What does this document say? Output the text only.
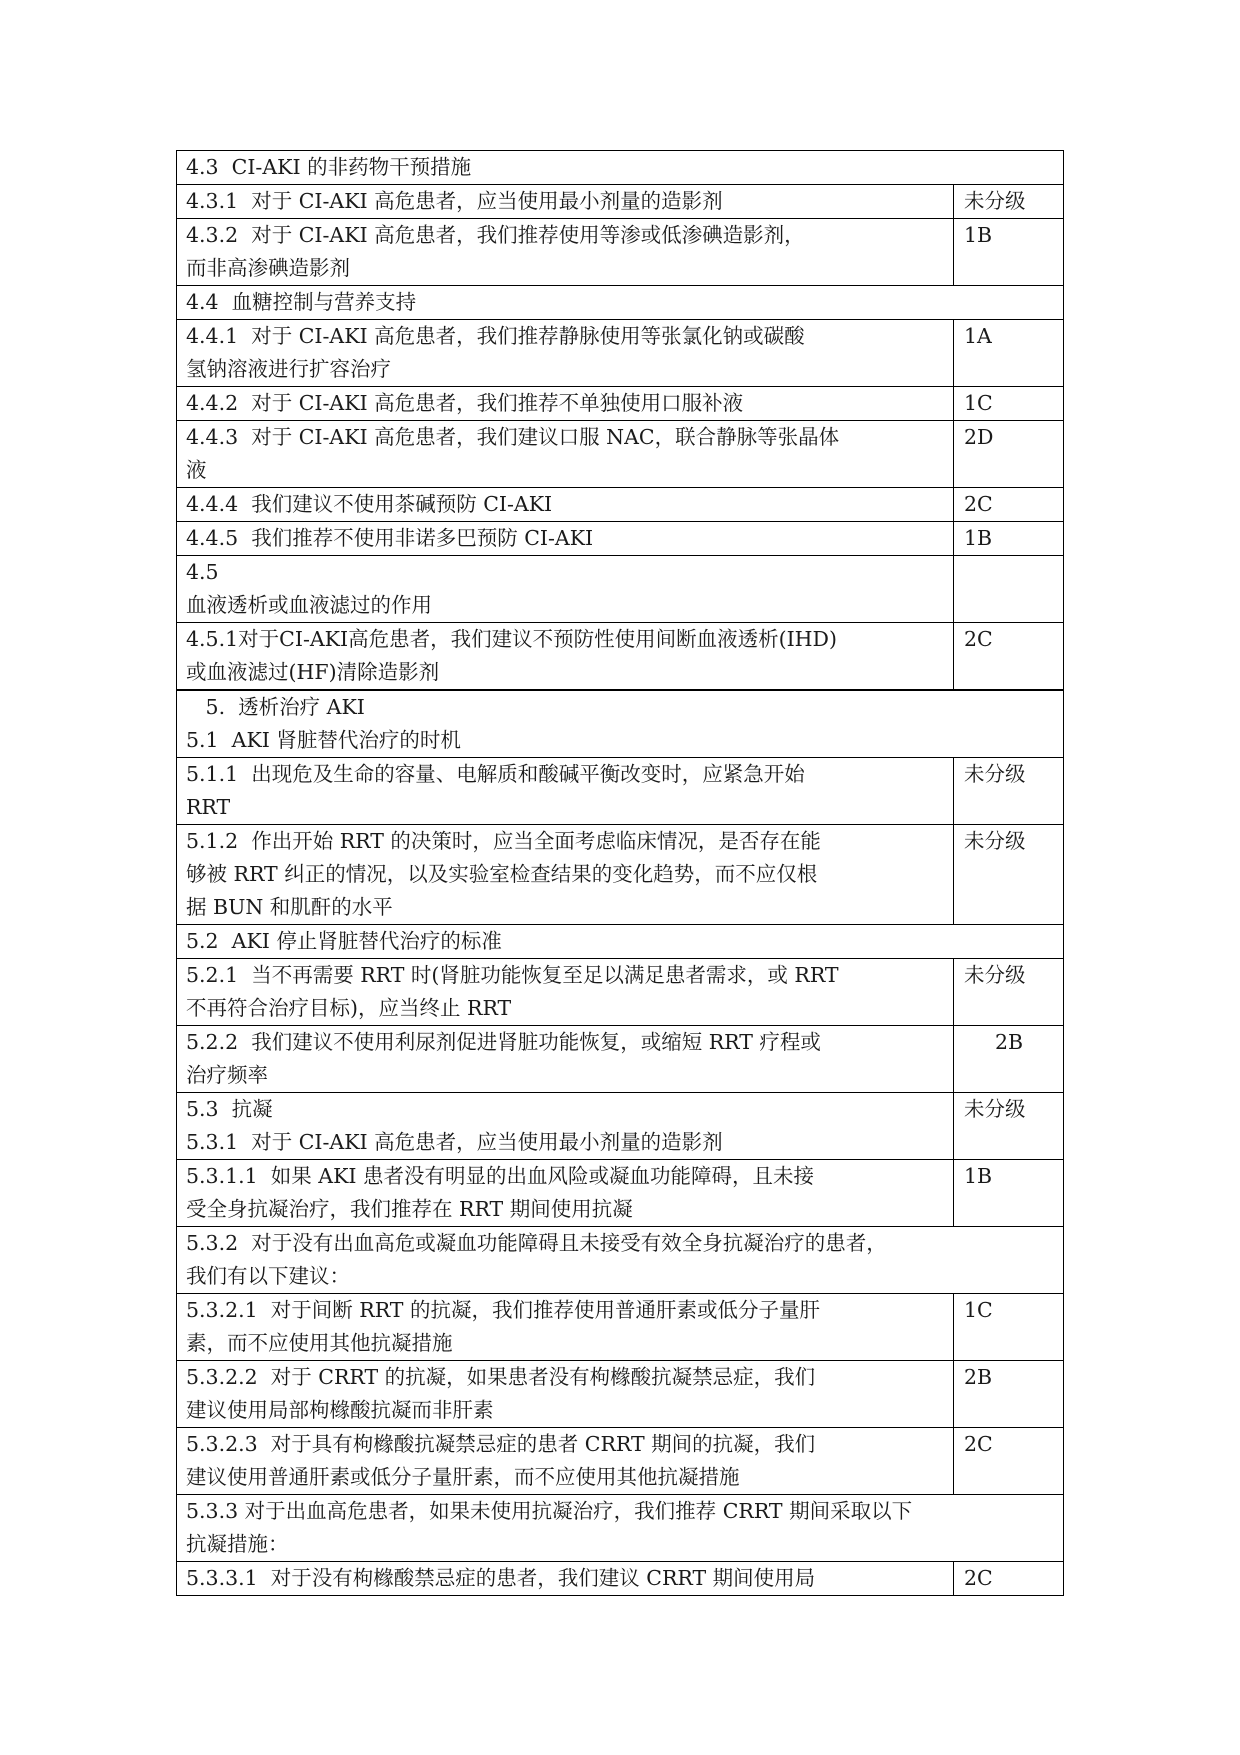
4.3  CI-AKI 的非药物干预措施	

4.3.1  对于 CI-AKI 高危患者，应当使用最小剂量的造影剂	未分级

4.3.2  对于 CI-AKI 高危患者，我们推荐使用等渗或低渗碘造影剂，
而非高渗碘造影剂	1B

4.4  血糖控制与营养支持	

4.4.1  对于 CI-AKI 高危患者，我们推荐静脉使用等张氯化钠或碳酸
氢钠溶液进行扩容治疗	1A

4.4.2  对于 CI-AKI 高危患者，我们推荐不单独使用口服补液	1C

4.4.3  对于 CI-AKI 高危患者，我们建议口服 NAC，联合静脉等张晶体
液	2D

4.4.4  我们建议不使用茶碱预防 CI-AKI	2C

4.4.5  我们推荐不使用非诺多巴预防 CI-AKI	1B

4.5
血液透析或血液滤过的作用	

4.5.1对于CI-AKI高危患者，我们建议不预防性使用间断血液透析(IHD)
或血液滤过(HF)清除造影剂	2C

5.  透析治疗 AKI
5.1  AKI 肾脏替代治疗的时机	

5.1.1  出现危及生命的容量、电解质和酸碱平衡改变时，应紧急开始
RRT	未分级

5.1.2  作出开始 RRT 的决策时，应当全面考虑临床情况，是否存在能
够被 RRT 纠正的情况，以及实验室检查结果的变化趋势，而不应仅根
据 BUN 和肌酐的水平	未分级

5.2  AKI 停止肾脏替代治疗的标准	

5.2.1  当不再需要 RRT 时(肾脏功能恢复至足以满足患者需求，或 RRT
不再符合治疗目标)，应当终止 RRT	未分级

5.2.2  我们建议不使用利尿剂促进肾脏功能恢复，或缩短 RRT 疗程或
治疗频率	2B

5.3  抗凝
5.3.1  对于 CI-AKI 高危患者，应当使用最小剂量的造影剂	未分级

5.3.1.1  如果 AKI 患者没有明显的出血风险或凝血功能障碍，且未接
受全身抗凝治疗，我们推荐在 RRT 期间使用抗凝	1B

5.3.2  对于没有出血高危或凝血功能障碍且未接受有效全身抗凝治疗的患者，
我们有以下建议：	

5.3.2.1  对于间断 RRT 的抗凝，我们推荐使用普通肝素或低分子量肝
素，而不应使用其他抗凝措施	1C

5.3.2.2  对于 CRRT 的抗凝，如果患者没有枸橼酸抗凝禁忌症，我们
建议使用局部枸橼酸抗凝而非肝素	2B

5.3.2.3  对于具有枸橼酸抗凝禁忌症的患者 CRRT 期间的抗凝，我们
建议使用普通肝素或低分子量肝素，而不应使用其他抗凝措施	2C

5.3.3 对于出血高危患者，如果未使用抗凝治疗，我们推荐 CRRT 期间采取以下
抗凝措施：	

5.3.3.1  对于没有枸橼酸禁忌症的患者，我们建议 CRRT 期间使用局	2C
